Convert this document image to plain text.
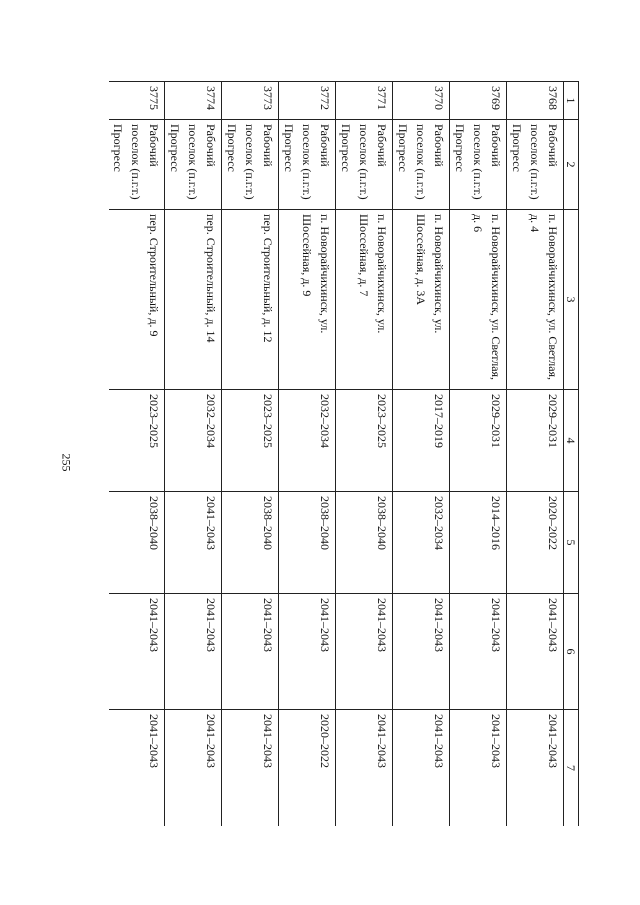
255
1	2	3	4	5	6	7
3768	Рабочий поселок (п.г.т.) Прогресс	п. Новорайчихинск, ул. Светлая, д. 4	2029–2031	2020–2022	2041–2043	2041–2043
3769	Рабочий поселок (п.г.т.) Прогресс	п. Новорайчихинск, ул. Светлая, д. 6	2029–2031	2014–2016	2041–2043	2041–2043
3770	Рабочий поселок (п.г.т.) Прогресс	п. Новорайчихинск, ул. Шоссейная, д. 3А	2017–2019	2032–2034	2041–2043	2041–2043
3771	Рабочий поселок (п.г.т.) Прогресс	п. Новорайчихинск, ул. Шоссейная, д. 7	2023–2025	2038–2040	2041–2043	2041–2043
3772	Рабочий поселок (п.г.т.) Прогресс	п. Новорайчихинск, ул. Шоссейная, д. 9	2032–2034	2038–2040	2041–2043	2020–2022
3773	Рабочий поселок (п.г.т.) Прогресс	пер. Строительный, д. 12	2023–2025	2038–2040	2041–2043	2041–2043
3774	Рабочий поселок (п.г.т.) Прогресс	пер. Строительный, д. 14	2032–2034	2041–2043	2041–2043	2041–2043
3775	Рабочий поселок (п.г.т.) Прогресс	пер. Строительный, д. 9	2023–2025	2038–2040	2041–2043	2041–2043
